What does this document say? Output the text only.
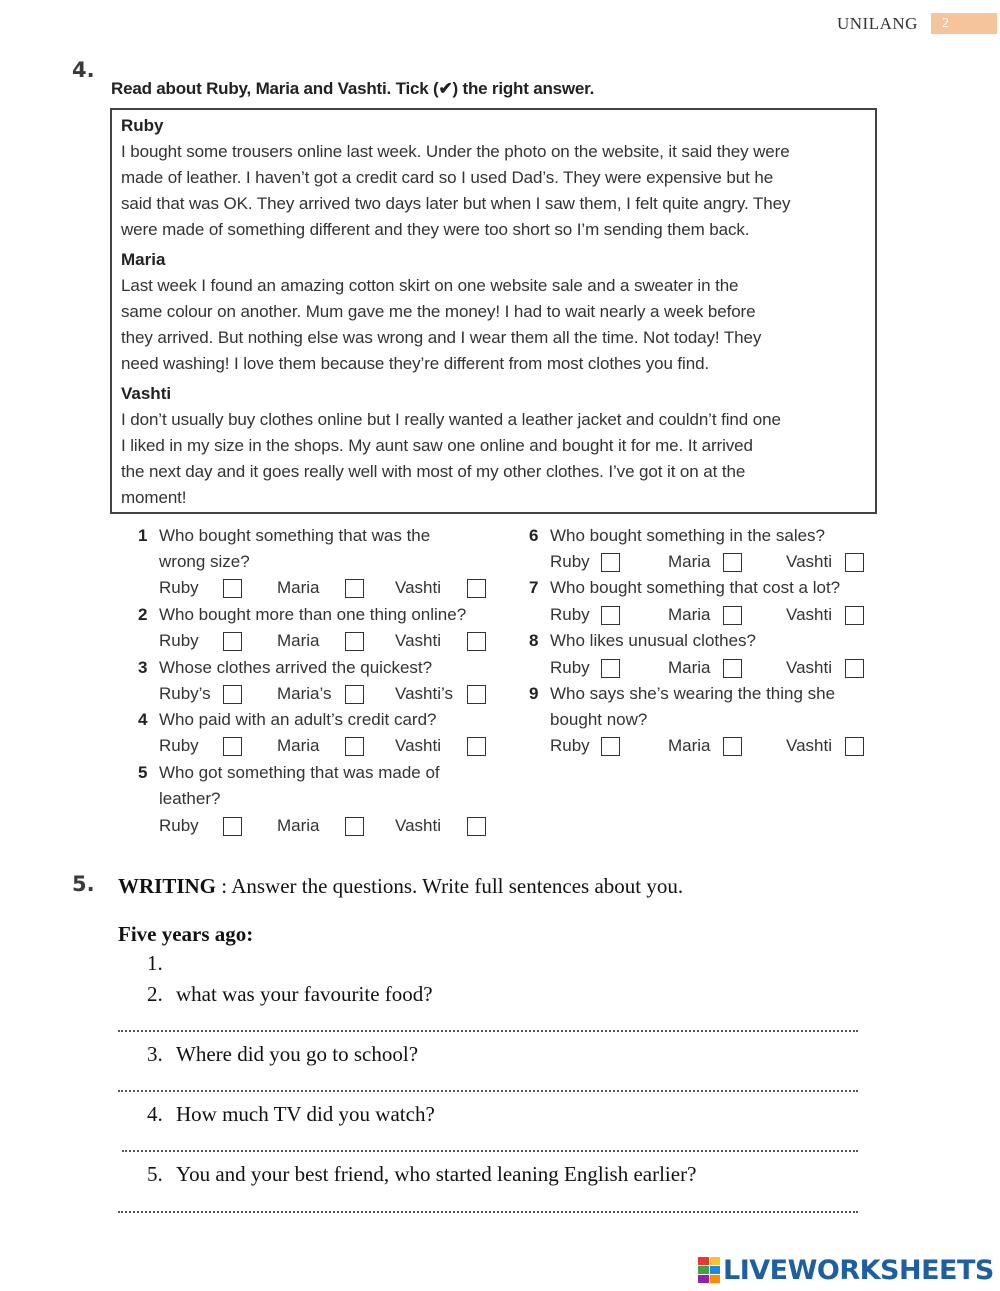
UNILANG	2
4.
Read about Ruby, Maria and Vashti. Tick (✔) the right answer.
Ruby
I bought some trousers online last week. Under the photo on the website, it said they were
made of leather. I haven’t got a credit card so I used Dad’s. They were expensive but he
said that was OK. They arrived two days later but when I saw them, I felt quite angry. They
were made of something different and they were too short so I’m sending them back.
Maria
Last week I found an amazing cotton skirt on one website sale and a sweater in the
same colour on another. Mum gave me the money! I had to wait nearly a week before
they arrived. But nothing else was wrong and I wear them all the time. Not today! They
need washing! I love them because they’re different from most clothes you find.
Vashti
I don’t usually buy clothes online but I really wanted a leather jacket and couldn’t find one
I liked in my size in the shops. My aunt saw one online and bought it for me. It arrived
the next day and it goes really well with most of my other clothes. I’ve got it on at the
moment!
1 Who bought something that was the
wrong size?
Ruby	Maria	Vashti
2 Who bought more than one thing online?
Ruby	Maria	Vashti
3 Whose clothes arrived the quickest?
Ruby’s	Maria’s	Vashti’s
4 Who paid with an adult’s credit card?
Ruby	Maria	Vashti
5 Who got something that was made of
leather?
Ruby	Maria	Vashti
6 Who bought something in the sales?
Ruby	Maria	Vashti
7 Who bought something that cost a lot?
Ruby	Maria	Vashti
8 Who likes unusual clothes?
Ruby	Maria	Vashti
9 Who says she’s wearing the thing she
bought now?
Ruby	Maria	Vashti
5. WRITING : Answer the questions. Write full sentences about you.
Five years ago:
1.
2. what was your favourite food?
3. Where did you go to school?
4. How much TV did you watch?
5. You and your best friend, who started leaning English earlier?
LIVEWORKSHEETS
